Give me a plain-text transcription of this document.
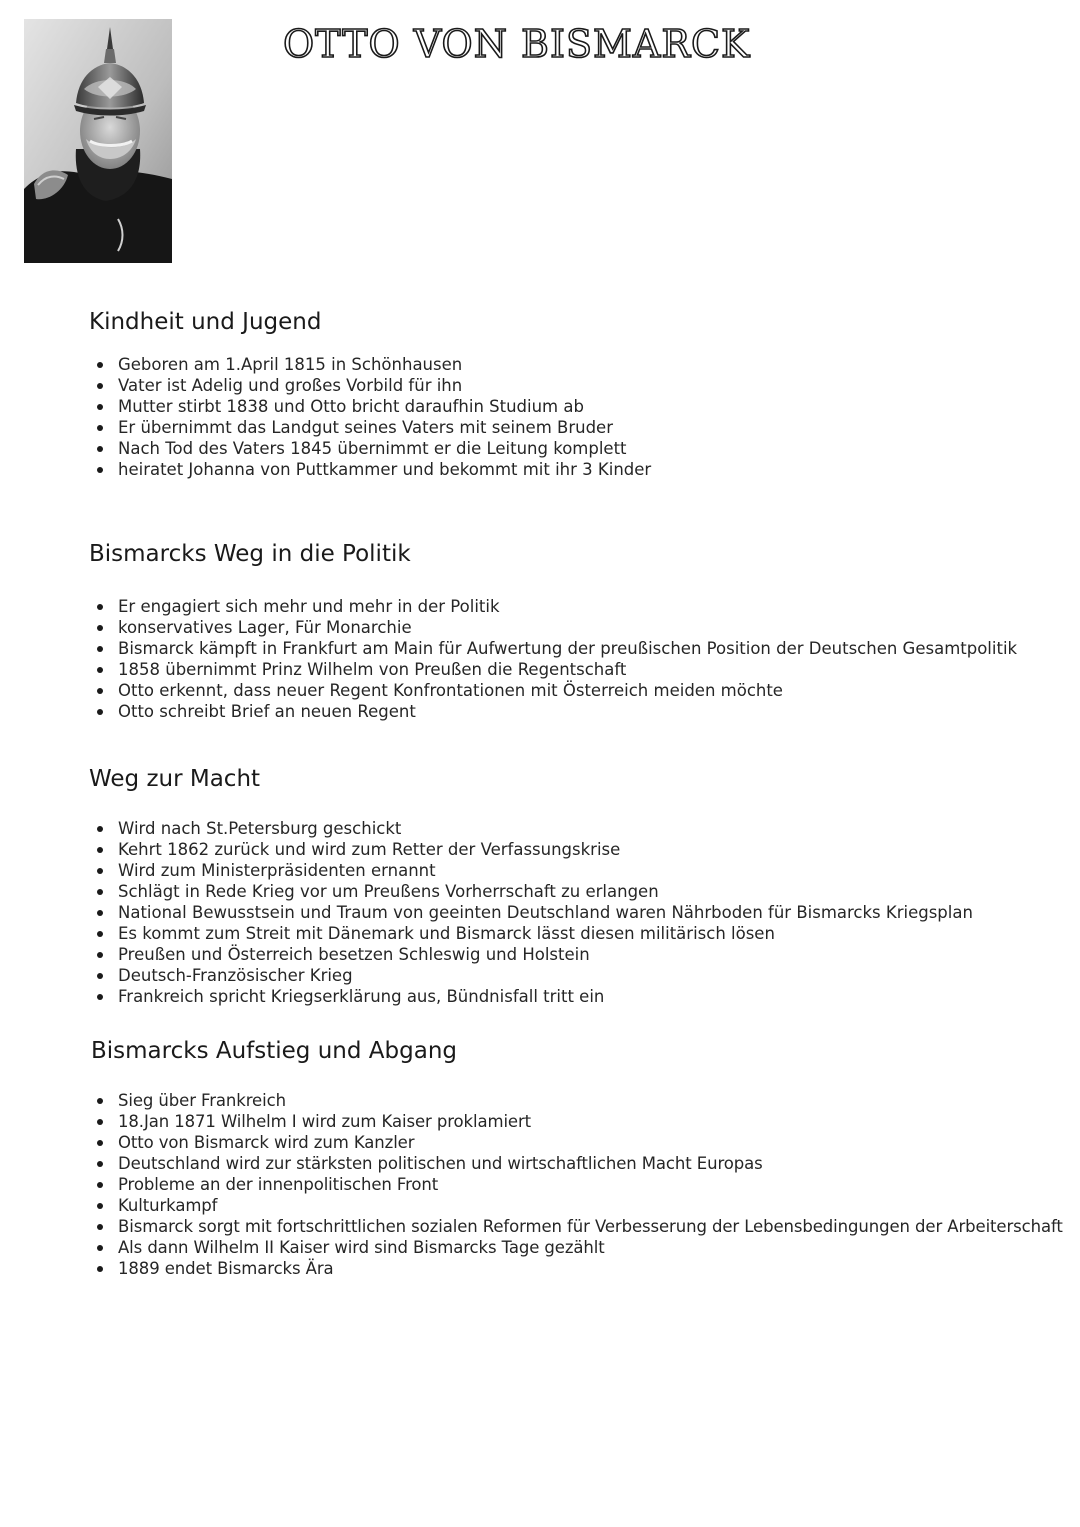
OTTO VON BISMARCK
Kindheit und Jugend
Geboren am 1.April 1815 in Schönhausen
Vater ist Adelig und großes Vorbild für ihn
Mutter stirbt 1838 und Otto bricht daraufhin Studium ab
Er übernimmt das Landgut seines Vaters mit seinem Bruder
Nach Tod des Vaters 1845 übernimmt er die Leitung komplett
heiratet Johanna von Puttkammer und bekommt mit ihr 3 Kinder
Bismarcks Weg in die Politik
Er engagiert sich mehr und mehr in der Politik
konservatives Lager, Für Monarchie
Bismarck kämpft in Frankfurt am Main für Aufwertung der preußischen Position der Deutschen Gesamtpolitik
1858 übernimmt Prinz Wilhelm von Preußen die Regentschaft
Otto erkennt, dass neuer Regent Konfrontationen mit Österreich meiden möchte
Otto schreibt Brief an neuen Regent
Weg zur Macht
Wird nach St.Petersburg geschickt
Kehrt 1862 zurück und wird zum Retter der Verfassungskrise
Wird zum Ministerpräsidenten ernannt
Schlägt in Rede Krieg vor um Preußens Vorherrschaft zu erlangen
National Bewusstsein und Traum von geeinten Deutschland waren Nährboden für Bismarcks Kriegsplan
Es kommt zum Streit mit Dänemark und Bismarck lässt diesen militärisch lösen
Preußen und Österreich besetzen Schleswig und Holstein
Deutsch-Französischer Krieg
Frankreich spricht Kriegserklärung aus, Bündnisfall tritt ein
Bismarcks Aufstieg und Abgang
Sieg über Frankreich
18.Jan 1871 Wilhelm I wird zum Kaiser proklamiert
Otto von Bismarck wird zum Kanzler
Deutschland wird zur stärksten politischen und wirtschaftlichen Macht Europas
Probleme an der innenpolitischen Front
Kulturkampf
Bismarck sorgt mit fortschrittlichen sozialen Reformen für Verbesserung der Lebensbedingungen der Arbeiterschaft
Als dann Wilhelm II Kaiser wird sind Bismarcks Tage gezählt
1889 endet Bismarcks Ära
